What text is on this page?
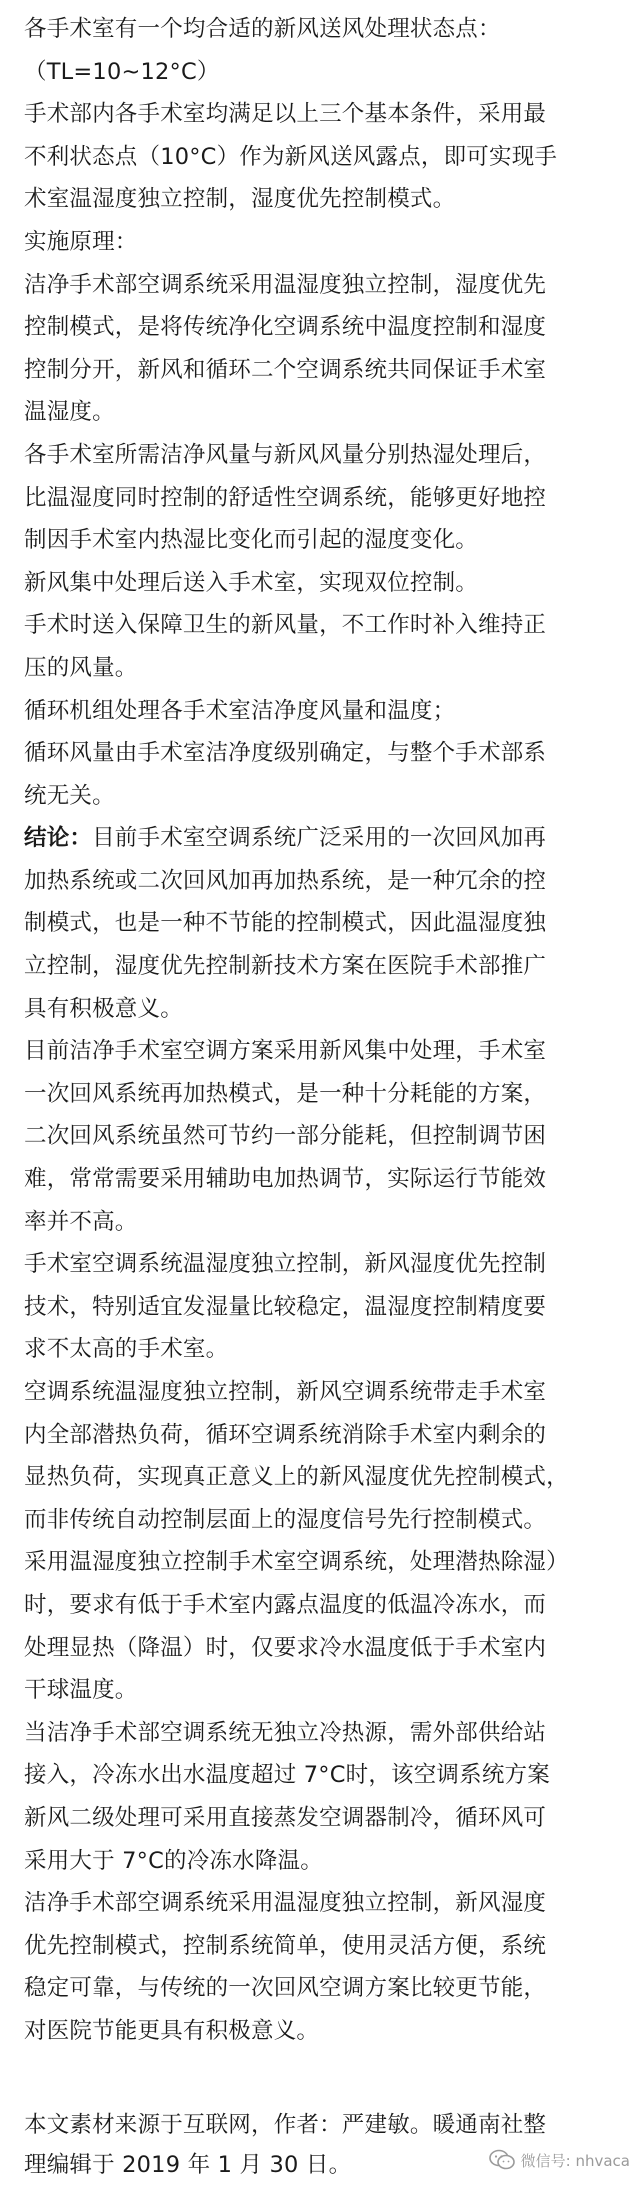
各手术室有一个均合适的新风送风处理状态点：
（TL=10~12°C）
手术部内各手术室均满足以上三个基本条件，采用最
不利状态点（10°C）作为新风送风露点，即可实现手
术室温湿度独立控制，湿度优先控制模式。
实施原理：
洁净手术部空调系统采用温湿度独立控制，湿度优先
控制模式，是将传统净化空调系统中温度控制和湿度
控制分开，新风和循环二个空调系统共同保证手术室
温湿度。
各手术室所需洁净风量与新风风量分别热湿处理后，
比温湿度同时控制的舒适性空调系统，能够更好地控
制因手术室内热湿比变化而引起的湿度变化。
新风集中处理后送入手术室，实现双位控制。
手术时送入保障卫生的新风量，不工作时补入维持正
压的风量。
循环机组处理各手术室洁净度风量和温度；
循环风量由手术室洁净度级别确定，与整个手术部系
统无关。
结论：目前手术室空调系统广泛采用的一次回风加再
加热系统或二次回风加再加热系统，是一种冗余的控
制模式，也是一种不节能的控制模式，因此温湿度独
立控制，湿度优先控制新技术方案在医院手术部推广
具有积极意义。
目前洁净手术室空调方案采用新风集中处理，手术室
一次回风系统再加热模式，是一种十分耗能的方案，
二次回风系统虽然可节约一部分能耗，但控制调节困
难，常常需要采用辅助电加热调节，实际运行节能效
率并不高。
手术室空调系统温湿度独立控制，新风湿度优先控制
技术，特别适宜发湿量比较稳定，温湿度控制精度要
求不太高的手术室。
空调系统温湿度独立控制，新风空调系统带走手术室
内全部潜热负荷，循环空调系统消除手术室内剩余的
显热负荷，实现真正意义上的新风湿度优先控制模式，
而非传统自动控制层面上的湿度信号先行控制模式。
采用温湿度独立控制手术室空调系统，处理潜热除湿）
时，要求有低于手术室内露点温度的低温冷冻水，而
处理显热（降温）时，仅要求冷水温度低于手术室内
干球温度。
当洁净手术部空调系统无独立冷热源，需外部供给站
接入，冷冻水出水温度超过 7°C时，该空调系统方案
新风二级处理可采用直接蒸发空调器制冷，循环风可
采用大于 7°C的冷冻水降温。
洁净手术部空调系统采用温湿度独立控制，新风湿度
优先控制模式，控制系统简单，使用灵活方便，系统
稳定可靠，与传统的一次回风空调方案比较更节能，
对医院节能更具有积极意义。
本文素材来源于互联网，作者：严建敏。暖通南社整
理编辑于 2019 年 1 月 30 日。	微信号: nhvaca
